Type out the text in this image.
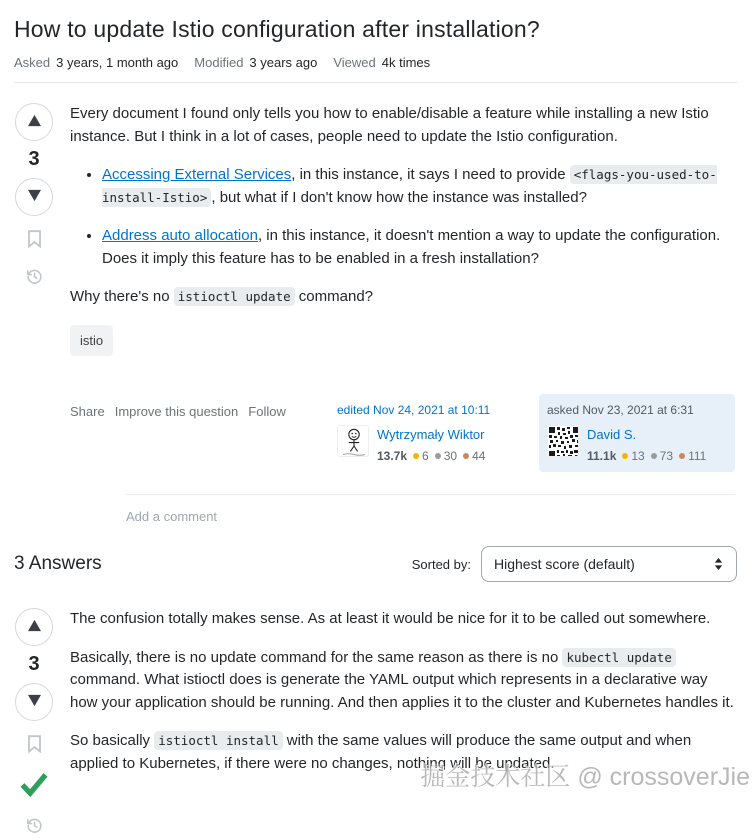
How to update Istio configuration after installation?
Asked 3 years, 1 month ago Modified 3 years ago Viewed 4k times
3

Every document I found only tells you how to enable/disable a feature while installing a new Istio instance. But I think in a lot of cases, people need to update the Istio configuration.

• Accessing External Services, in this instance, it says I need to provide <flags-you-used-to-install-Istio> , but what if I don't know how the instance was installed?
• Address auto allocation, in this instance, it doesn't mention a way to update the configuration. Does it imply this feature has to be enabled in a fresh installation?

Why there's no istioctl update command?

istio
Share Improve this question Follow	edited Nov 24, 2021 at 10:11
Wytrzymały Wiktor
13.7k	6	30	44
asked Nov 23, 2021 at 6:31
David S.
11.1k	13	73	111
Add a comment
3 Answers	Sorted by: Highest score (default)
3

The confusion totally makes sense. As at least it would be nice for it to be called out somewhere.

Basically, there is no update command for the same reason as there is no kubectl update command. What istioctl does is generate the YAML output which represents in a declarative way how your application should be running. And then applies it to the cluster and Kubernetes handles it.

So basically istioctl install with the same values will produce the same output and when applied to Kubernetes, if there were no changes, nothing will be updated.

掘金技术社区 @ crossoverJie
